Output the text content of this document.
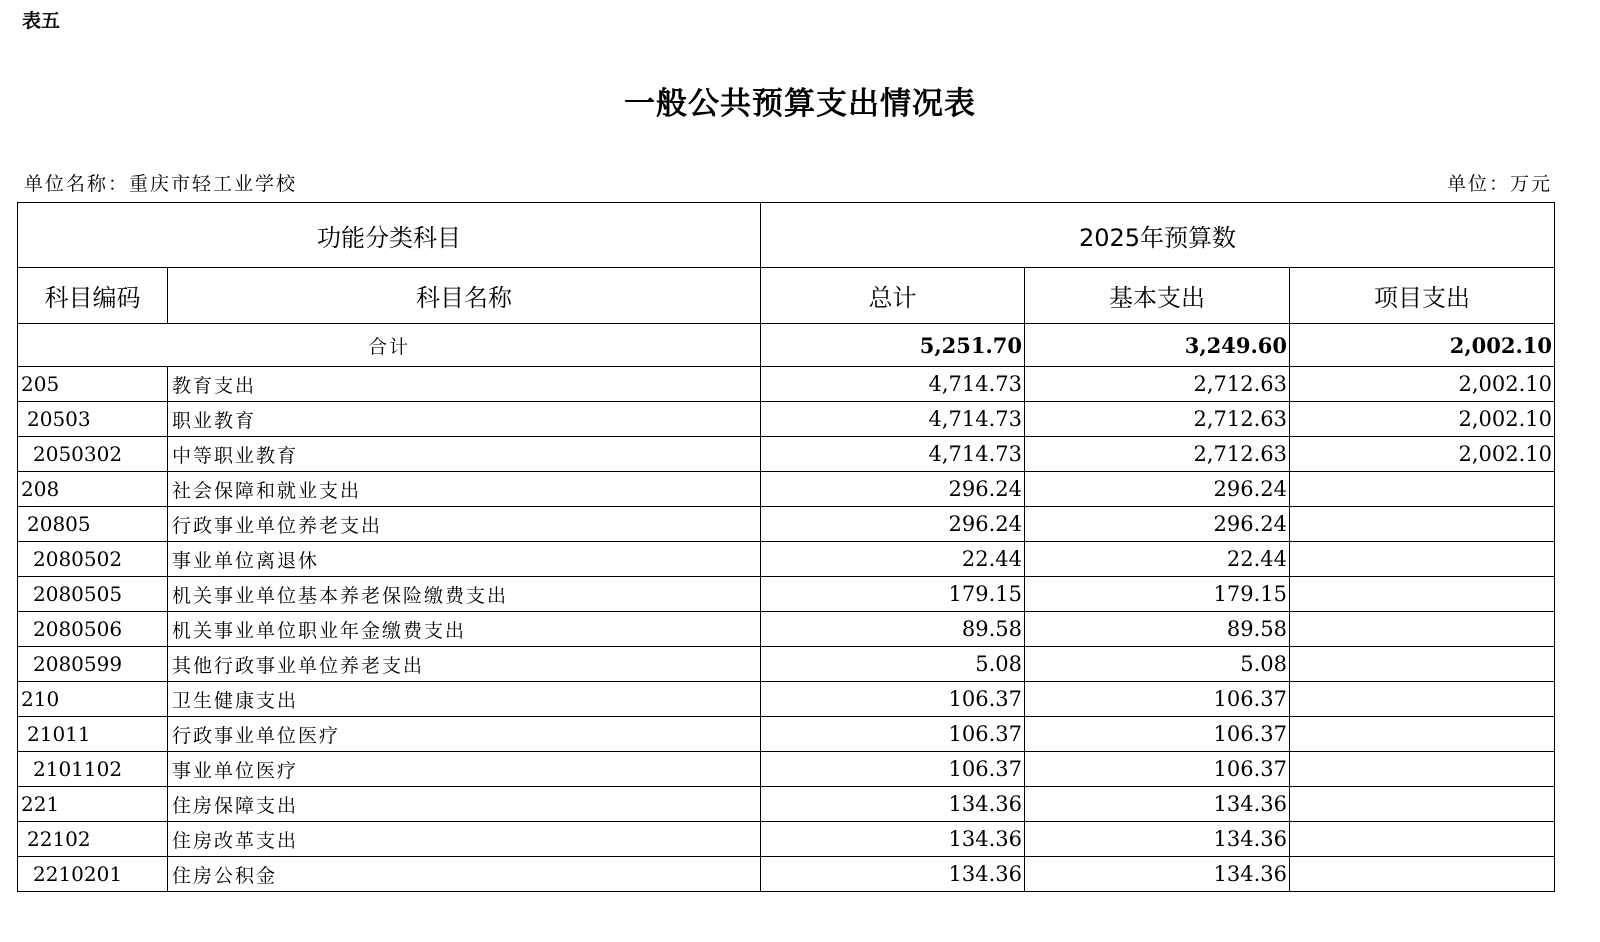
表五
一般公共预算支出情况表
单位名称：重庆市轻工业学校	单位：万元
功能分类科目		2025年预算数		
科目编码	科目名称	总计	基本支出	项目支出
合计		5,251.70	3,249.60	2,002.10
205	教育支出	4,714.73	2,712.63	2,002.10
20503	职业教育	4,714.73	2,712.63	2,002.10
2050302	中等职业教育	4,714.73	2,712.63	2,002.10
208	社会保障和就业支出	296.24	296.24	
20805	行政事业单位养老支出	296.24	296.24	
2080502	事业单位离退休	22.44	22.44	
2080505	机关事业单位基本养老保险缴费支出	179.15	179.15	
2080506	机关事业单位职业年金缴费支出	89.58	89.58	
2080599	其他行政事业单位养老支出	5.08	5.08	
210	卫生健康支出	106.37	106.37	
21011	行政事业单位医疗	106.37	106.37	
2101102	事业单位医疗	106.37	106.37	
221	住房保障支出	134.36	134.36	
22102	住房改革支出	134.36	134.36	
2210201	住房公积金	134.36	134.36	
